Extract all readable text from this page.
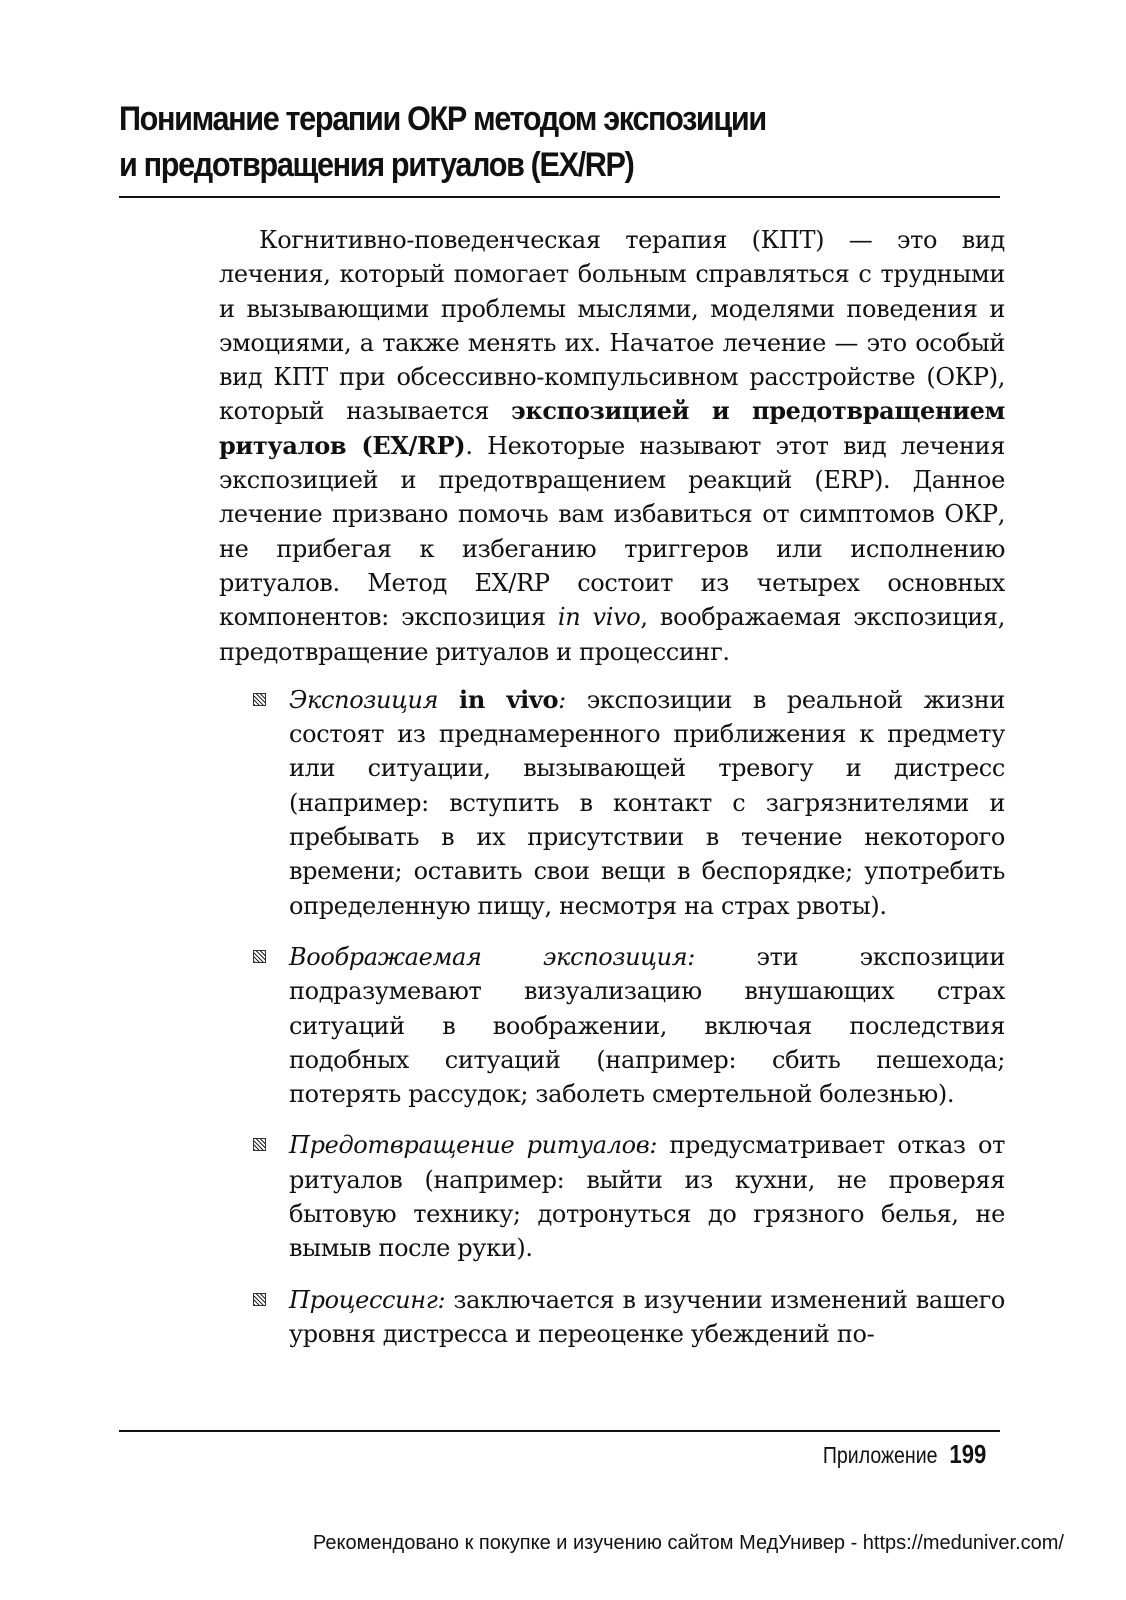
Понимание терапии ОКР методом экспозиции
и предотвращения ритуалов (EX/RP)

Когнитивно-поведенческая терапия (КПТ) — это вид лечения, который помогает больным справляться с трудными и вызывающими проблемы мыслями, моделями поведения и эмоциями, а также менять их. Начатое лечение — это особый вид КПТ при обсессивно-компульсивном расстройстве (ОКР), который называется экспозицией и предотвращением ритуалов (EX/RP). Некоторые называют этот вид лечения экспозицией и предотвращением реакций (ERP). Данное лечение призвано помочь вам избавиться от симптомов ОКР, не прибегая к избеганию триггеров или исполнению ритуалов. Метод EX/RP состоит из четырех основных компонентов: экспозиция in vivo, воображаемая экспозиция, предотвращение ритуалов и процессинг.

Экспозиция in vivo: экспозиции в реальной жизни состоят из преднамеренного приближения к предмету или ситуации, вызывающей тревогу и дистресс (например: вступить в контакт с загрязнителями и пребывать в их присутствии в течение некоторого времени; оставить свои вещи в беспорядке; употребить определенную пищу, несмотря на страх рвоты).
Воображаемая экспозиция: эти экспозиции подразумевают визуализацию внушающих страх ситуаций в воображении, включая последствия подобных ситуаций (например: сбить пешехода; потерять рассудок; заболеть смертельной болезнью).
Предотвращение ритуалов: предусматривает отказ от ритуалов (например: выйти из кухни, не проверяя бытовую технику; дотронуться до грязного белья, не вымыв после руки).
Процессинг: заключается в изучении изменений вашего уровня дистресса и переоценке убеждений по-
Приложение 199
Рекомендовано к покупке и изучению сайтом МедУнивер - https://meduniver.com/
